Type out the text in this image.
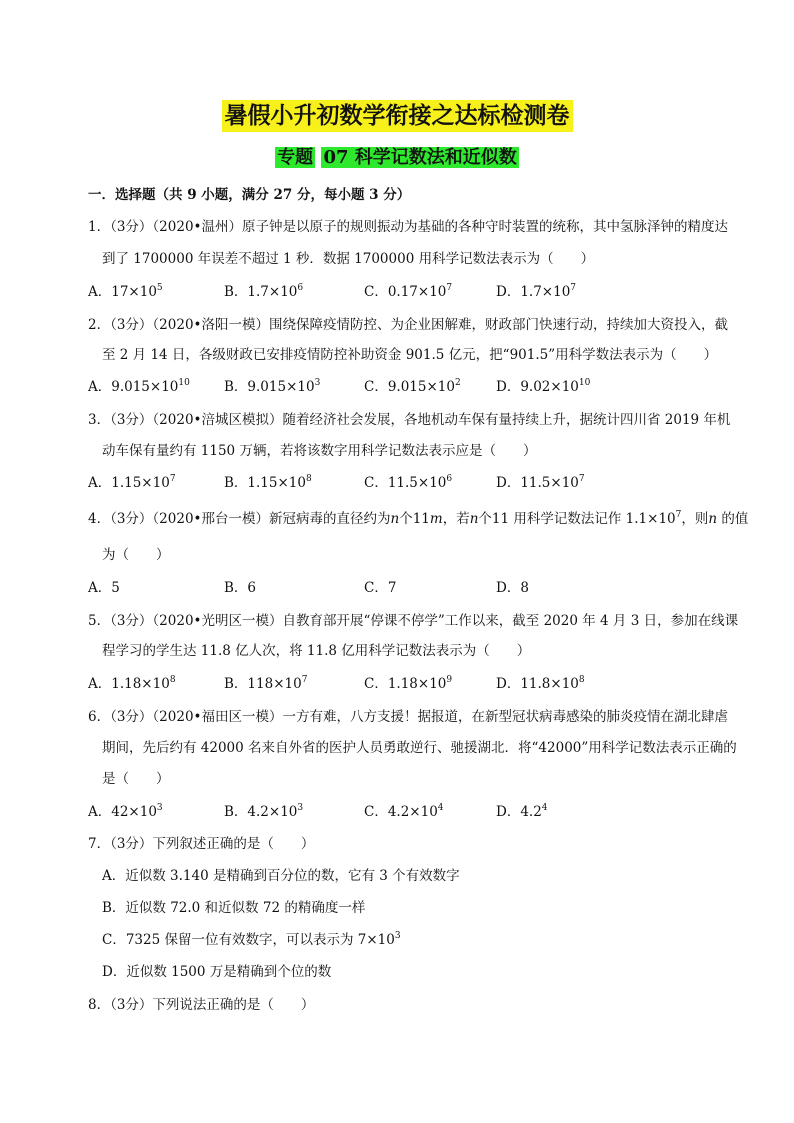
暑假小升初数学衔接之达标检测卷
专题 07 科学记数法和近似数
一．选择题（共 9 小题，满分 27 分，每小题 3 分）
1．（3分）（2020•温州）原子钟是以原子的规则振动为基础的各种守时装置的统称，其中氢脉泽钟的精度达
到了 1700000 年误差不超过 1 秒．数据 1700000 用科学记数法表示为（　　）
A．$17\times 10^5$	B．$1.7\times 10^6$	C．$0.17\times 10^7$	D．$1.7\times 10^7$
2．（3分）（2020•洛阳一模）围绕保障疫情防控、为企业困解难，财政部门快速行动，持续加大资投入，截
至 2 月 14 日，各级财政已安排疫情防控补助资金 901.5 亿元，把“901.5”用科学数法表示为（　　）
A．$9.015\times 10^{10}$	B．$9.015\times 10^3$	C．$9.015\times 10^2$	D．$9.02\times 10^{10}$
3．（3分）（2020•涪城区模拟）随着经济社会发展，各地机动车保有量持续上升，据统计四川省 2019 年机
动车保有量约有 1150 万辆，若将该数字用科学记数法表示应是（　　）
A．$1.15\times 10^7$	B．$1.15\times 10^8$	C．$11.5\times 10^6$	D．$11.5\times 10^7$
4．（3分）（2020•邢台一模）新冠病毒的直径约为n个11m，若n个11 用科学记数法记作 $1.1\times 10^7$，则n 的值
为（　　）
A．5	B．6	C．7	D．8
5．（3分）（2020•光明区一模）自教育部开展“停课不停学”工作以来，截至 2020 年 4 月 3 日，参加在线课
程学习的学生达 11.8 亿人次，将 11.8 亿用科学记数法表示为（　　）
A．$1.18\times 10^8$	B．$118\times 10^7$	C．$1.18\times 10^9$	D．$11.8\times 10^8$
6．（3分）（2020•福田区一模）一方有难，八方支援！据报道，在新型冠状病毒感染的肺炎疫情在湖北肆虐
期间，先后约有 42000 名来自外省的医护人员勇敢逆行、驰援湖北．将“42000”用科学记数法表示正确的
是（　　）
A．$42\times 10^3$	B．$4.2\times 10^3$	C．$4.2\times 10^4$	D．$4.2^4$
7．（3分）下列叙述正确的是（　　）
A．近似数 3.140 是精确到百分位的数，它有 3 个有效数字
B．近似数 72.0 和近似数 72 的精确度一样
C．7325 保留一位有效数字，可以表示为 $7\times 10^3$
D．近似数 1500 万是精确到个位的数
8．（3分）下列说法正确的是（　　）
